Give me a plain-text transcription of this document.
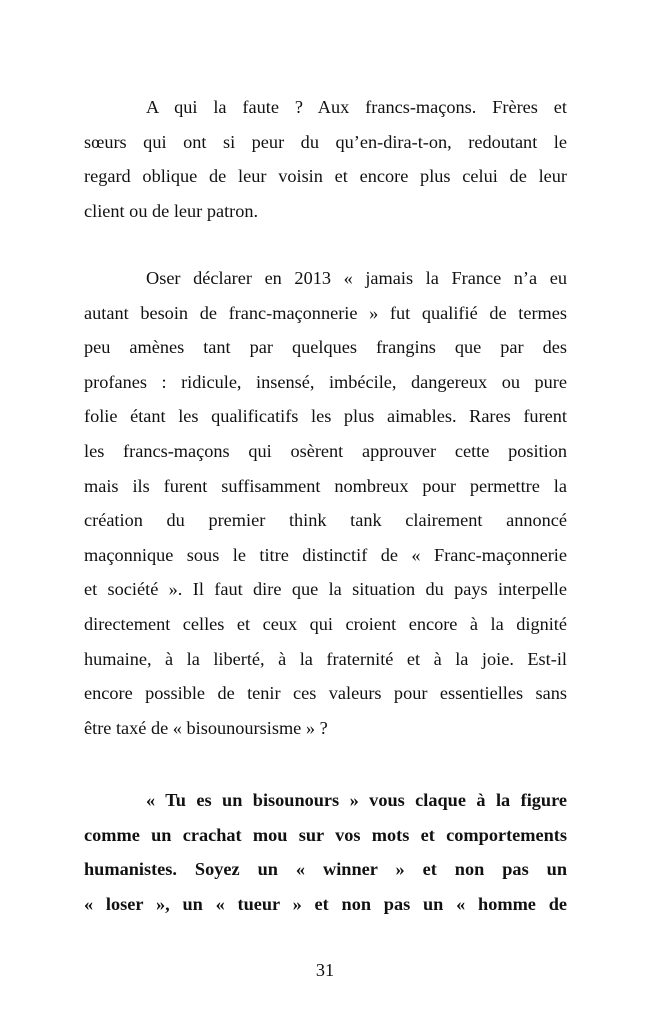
A qui la faute ? Aux francs-maçons. Frères et
sœurs qui ont si peur du qu’en-dira-t-on, redoutant le
regard oblique de leur voisin et encore plus celui de leur
client ou de leur patron.
Oser déclarer en 2013 « jamais la France n’a eu
autant besoin de franc-maçonnerie » fut qualifié de termes
peu amènes tant par quelques frangins que par des
profanes : ridicule, insensé, imbécile, dangereux ou pure
folie étant les qualificatifs les plus aimables. Rares furent
les francs-maçons qui osèrent approuver cette position
mais ils furent suffisamment nombreux pour permettre la
création du premier think tank clairement annoncé
maçonnique sous le titre distinctif de « Franc-maçonnerie
et société ». Il faut dire que la situation du pays interpelle
directement celles et ceux qui croient encore à la dignité
humaine, à la liberté, à la fraternité et à la joie. Est-il
encore possible de tenir ces valeurs pour essentielles sans
être taxé de « bisounoursisme » ?
« Tu es un bisounours » vous claque à la figure
comme un crachat mou sur vos mots et comportements
humanistes. Soyez un « winner » et non pas un
« loser », un « tueur » et non pas un « homme de
31
